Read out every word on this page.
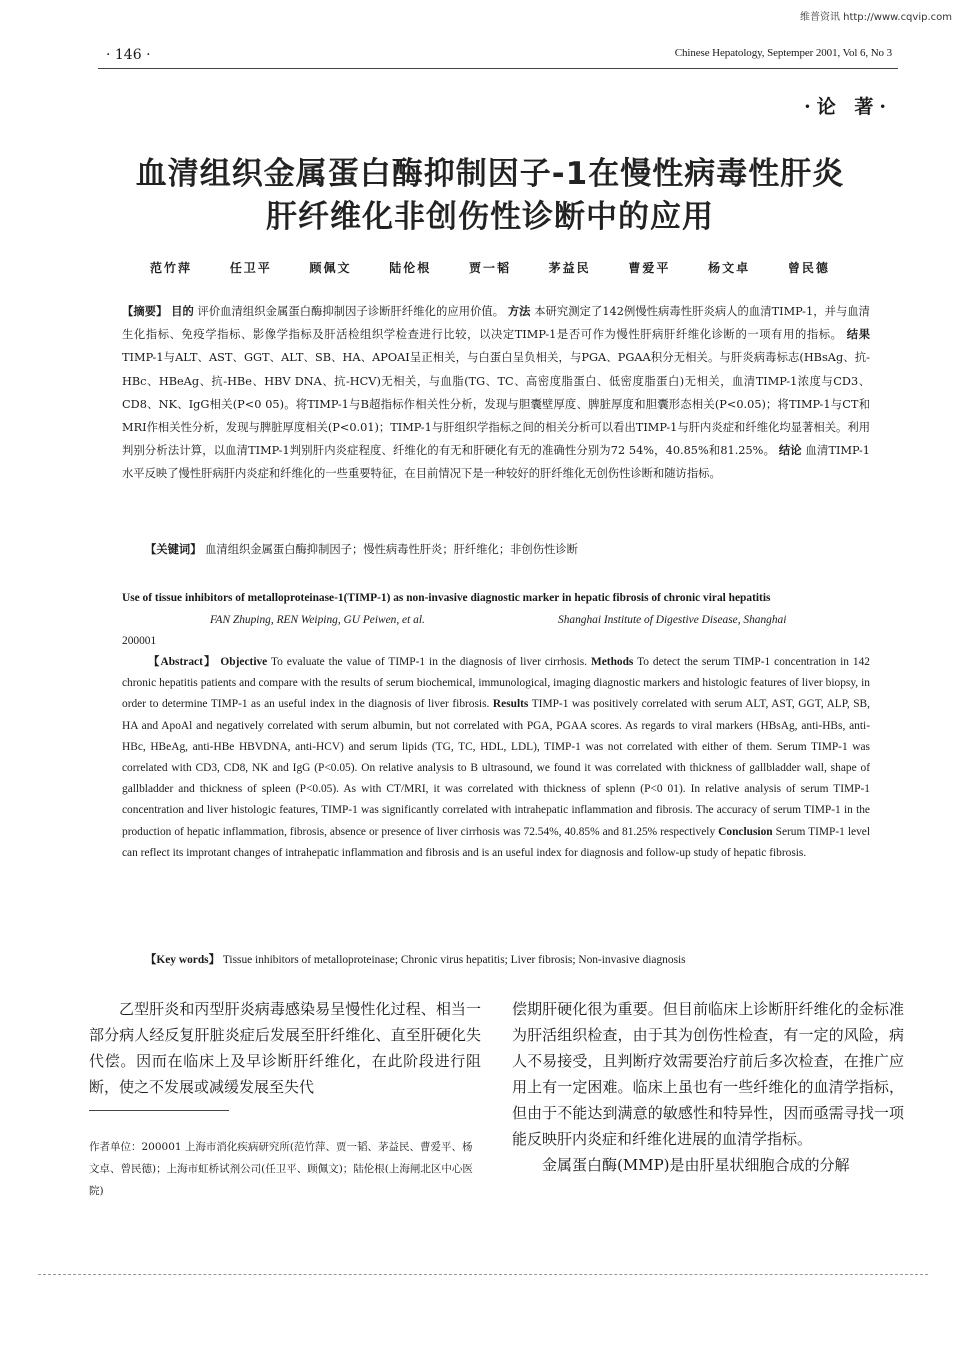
维普资讯 http://www.cqvip.com
· 146 ·	Chinese Hepatology, Septemper 2001, Vol 6, No 3
·论 著·
血清组织金属蛋白酶抑制因子-1在慢性病毒性肝炎
肝纤维化非创伤性诊断中的应用
范竹萍	任卫平	顾佩文	陆伦根	贾一韬	茅益民	曹爱平	杨文卓	曾民德
【摘要】 目的 评价血清组织金属蛋白酶抑制因子诊断肝纤维化的应用价值。 方法 本研究测定了142例慢性病毒性肝炎病人的血清TIMP-1，并与血清生化指标、免疫学指标、影像学指标及肝活检组织学检查进行比较，以决定TIMP-1是否可作为慢性肝病肝纤维化诊断的一项有用的指标。 结果 TIMP-1与ALT、AST、GGT、ALT、SB、HA、APOAI呈正相关，与白蛋白呈负相关，与PGA、PGAA积分无相关。与肝炎病毒标志(HBsAg、抗-HBc、HBeAg、抗-HBe、HBV DNA、抗-HCV)无相关，与血脂(TG、TC、高密度脂蛋白、低密度脂蛋白)无相关，血清TIMP-1浓度与CD3、CD8、NK、IgG相关(P<0 05)。将TIMP-1与B超指标作相关性分析，发现与胆囊壁厚度、脾脏厚度和胆囊形态相关(P<0.05)；将TIMP-1与CT和MRI作相关性分析，发现与脾脏厚度相关(P<0.01)；TIMP-1与肝组织学指标之间的相关分析可以看出TIMP-1与肝内炎症和纤维化均显著相关。利用判别分析法计算，以血清TIMP-1判别肝内炎症程度、纤维化的有无和肝硬化有无的准确性分别为72 54%，40.85%和81.25%。 结论 血清TIMP-1水平反映了慢性肝病肝内炎症和纤维化的一些重要特征，在目前情况下是一种较好的肝纤维化无创伤性诊断和随访指标。
【关键词】 血清组织金属蛋白酶抑制因子；慢性病毒性肝炎；肝纤维化；非创伤性诊断
Use of tissue inhibitors of metalloproteinase-1(TIMP-1) as non-invasive diagnostic marker in hepatic fibrosis of chronic viral hepatitis
FAN Zhuping, REN Weiping, GU Peiwen, et al.	Shanghai Institute of Digestive Disease, Shanghai
200001
【Abstract】 Objective To evaluate the value of TIMP-1 in the diagnosis of liver cirrhosis. Methods To detect the serum TIMP-1 concentration in 142 chronic hepatitis patients and compare with the results of serum biochemical, immunological, imaging diagnostic markers and histologic features of liver biopsy, in order to determine TIMP-1 as an useful index in the diagnosis of liver fibrosis. Results TIMP-1 was positively correlated with serum ALT, AST, GGT, ALP, SB, HA and ApoAl and negatively correlated with serum albumin, but not correlated with PGA, PGAA scores. As regards to viral markers (HBsAg, anti-HBs, anti-HBc, HBeAg, anti-HBe HBVDNA, anti-HCV) and serum lipids (TG, TC, HDL, LDL), TIMP-1 was not correlated with either of them. Serum TIMP-1 was correlated with CD3, CD8, NK and IgG (P<0.05). On relative analysis to B ultrasound, we found it was correlated with thickness of gallbladder wall, shape of gallbladder and thickness of spleen (P<0.05). As with CT/MRI, it was correlated with thickness of splenn (P<0 01). In relative analysis of serum TIMP-1 concentration and liver histologic features, TIMP-1 was significantly correlated with intrahepatic inflammation and fibrosis. The accuracy of serum TIMP-1 in the production of hepatic inflammation, fibrosis, absence or presence of liver cirrhosis was 72.54%, 40.85% and 81.25% respectively Conclusion Serum TIMP-1 level can reflect its improtant changes of intrahepatic inflammation and fibrosis and is an useful index for diagnosis and follow-up study of hepatic fibrosis.
【Key words】 Tissue inhibitors of metalloproteinase; Chronic virus hepatitis; Liver fibrosis; Non-invasive diagnosis
乙型肝炎和丙型肝炎病毒感染易呈慢性化过程、相当一部分病人经反复肝脏炎症后发展至肝纤维化、直至肝硬化失代偿。因而在临床上及早诊断肝纤维化，在此阶段进行阻断，使之不发展或减缓发展至失代
作者单位：200001 上海市消化疾病研究所(范竹萍、贾一韬、茅益民、曹爱平、杨文卓、曾民德)；上海市虹桥试剂公司(任卫平、顾佩文)；陆伦根(上海闸北区中心医院)
偿期肝硬化很为重要。但目前临床上诊断肝纤维化的金标准为肝活组织检查，由于其为创伤性检查，有一定的风险，病人不易接受，且判断疗效需要治疗前后多次检查，在推广应用上有一定困难。临床上虽也有一些纤维化的血清学指标，但由于不能达到满意的敏感性和特异性，因而亟需寻找一项能反映肝内炎症和纤维化进展的血清学指标。
金属蛋白酶(MMP)是由肝星状细胞合成的分解
